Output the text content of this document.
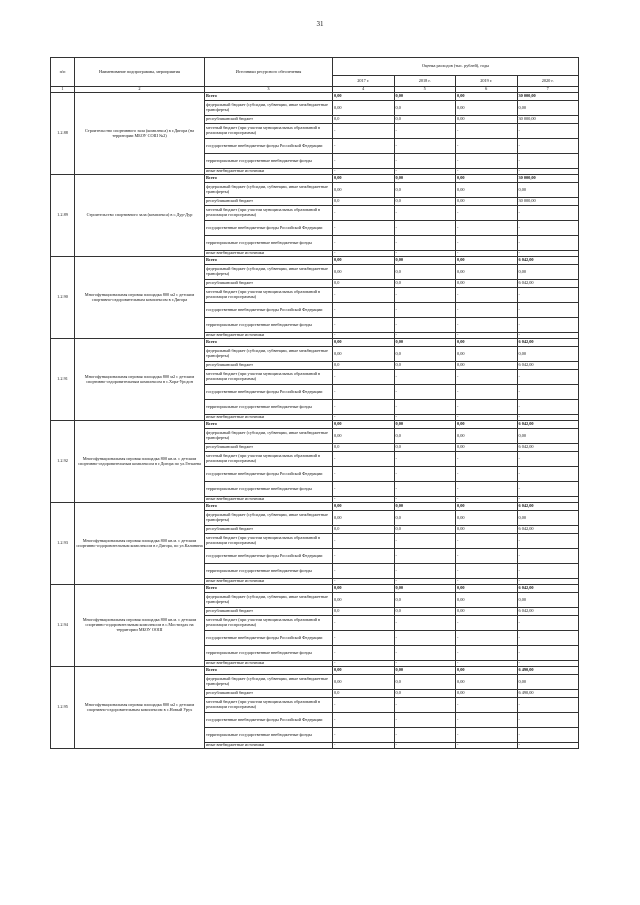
31
п/п	Наименование подпрограммы, мероприятия	Источники ресурсного обеспечения	Оценка расходов (тыс. рублей), годы			
			2017 г.	2018 г.	2019 г.	2020 г.
1	2	3	4	5	6	7
1.2.88	Строительство спортивного зала (комплекса) в г.Дигора (на территории МБОУ СОШ №2)	Всего	0,00	0,00	0,00	30 000,00
		федеральный бюджет (субсидии, субвенции, иные межбюджетные трансферты)	0,00	0,0	0,00	0,00
		республиканский бюджет	0,0	0,0	0,00	30 000,00
		местный бюджет (при участии муниципальных образований в реализации госпрограммы)	-	-	-	-
		государственные внебюджетные фонды Российской Федерации	-	-	-	-
		территориальные государственные внебюджетные фонды	-	-	-	-
		иные внебюджетные источники	-	-	-	-
1.2.89	Строительство спортивного зала (комплекса) в с.Дур-Дур	Всего	0,00	0,00	0,00	30 000,00
		федеральный бюджет (субсидии, субвенции, иные межбюджетные трансферты)	0,00	0,0	0,00	0,00
		республиканский бюджет	0,0	0,0	0,00	30 000,00
		местный бюджет (при участии муниципальных образований в реализации госпрограммы)	-	-	-	-
		государственные внебюджетные фонды Российской Федерации	-	-	-	-
		территориальные государственные внебюджетные фонды	-	-	-	-
		иные внебюджетные источники	-	-	-	-
1.2.90	Многофункциональная игровая площадка 800 м2 с детским спортивно-оздоровительным комплексом в г.Дигора	Всего	0,00	0,00	0,00	6 042,00
		федеральный бюджет (субсидии, субвенции, иные межбюджетные трансферты)	0,00	0,0	0,00	0,00
		республиканский бюджет	0,0	0,0	0,00	6 042,00
		местный бюджет (при участии муниципальных образований в реализации госпрограммы)	-	-	-	-
		государственные внебюджетные фонды Российской Федерации	-	-	-	-
		территориальные государственные внебюджетные фонды	-	-	-	-
		иные внебюджетные источники	-	-	-	-
1.2.91	Многофункциональная игровая площадка 800 м2 с детским спортивно-оздоровительным комплексом в с.Хора-Урсдон	Всего	0,00	0,00	0,00	6 042,00
		федеральный бюджет (субсидии, субвенции, иные межбюджетные трансферты)	0,00	0,0	0,00	0,00
		республиканский бюджет	0,0	0,0	0,00	6 042,00
		местный бюджет (при участии муниципальных образований в реализации госпрограммы)	-	-	-	-
		государственные внебюджетные фонды Российской Федерации	-	-	-	-
		территориальные государственные внебюджетные фонды	-	-	-	-
		иные внебюджетные источники	-	-	-	-
1.2.92	Многофункциональная игровая площадка 800 кв.м. с детским спортивно-оздоровительным комплексом в г.Дигора по ул.Гегкаева	Всего	0,00	0,00	0,00	6 042,00
		федеральный бюджет (субсидии, субвенции, иные межбюджетные трансферты)	0,00	0,0	0,00	0,00
		республиканский бюджет	0,0	0,0	0,00	6 042,00
		местный бюджет (при участии муниципальных образований в реализации госпрограммы)	-	-	-	-
		государственные внебюджетные фонды Российской Федерации	-	-	-	-
		территориальные государственные внебюджетные фонды	-	-	-	-
		иные внебюджетные источники	-	-	-	-
1.2.93	Многофункциональная игровая площадка 800 кв.м. с детским спортивно-оздоровительным комплексом в г.Дигора, по ул.Калинина	Всего	0,00	0,00	0,00	6 042,00
		федеральный бюджет (субсидии, субвенции, иные межбюджетные трансферты)	0,00	0,0	0,00	0,00
		республиканский бюджет	0,0	0,0	0,00	6 042,00
		местный бюджет (при участии муниципальных образований в реализации госпрограммы)	-	-	-	-
		государственные внебюджетные фонды Российской Федерации	-	-	-	-
		территориальные государственные внебюджетные фонды	-	-	-	-
		иные внебюджетные источники	-	-	-	-
1.2.94	Многофункциональная игровая площадка 800 кв.м. с детским спортивно-оздоровительным комплексом в с.Мостиздах на территории МБОУ ООШ	Всего	0,00	0,00	0,00	6 042,00
		федеральный бюджет (субсидии, субвенции, иные межбюджетные трансферты)	0,00	0,0	0,00	0,00
		республиканский бюджет	0,0	0,0	0,00	6 042,00
		местный бюджет (при участии муниципальных образований в реализации госпрограммы)	-	-	-	-
		государственные внебюджетные фонды Российской Федерации	-	-	-	-
		территориальные государственные внебюджетные фонды	-	-	-	-
		иные внебюджетные источники	-	-	-	-
1.2.95	Многофункциональная игровая площадка 800 м2 с детским спортивно-оздоровительным комплексом в с.Новый Урух	Всего	0,00	0,00	0,00	6 490,00
		федеральный бюджет (субсидии, субвенции, иные межбюджетные трансферты)	0,00	0,0	0,00	0,00
		республиканский бюджет	0,0	0,0	0,00	6 490,00
		местный бюджет (при участии муниципальных образований в реализации госпрограммы)	-	-	-	-
		государственные внебюджетные фонды Российской Федерации	-	-	-	-
		территориальные государственные внебюджетные фонды	-	-	-	-
		иные внебюджетные источники	-	-	-	-
